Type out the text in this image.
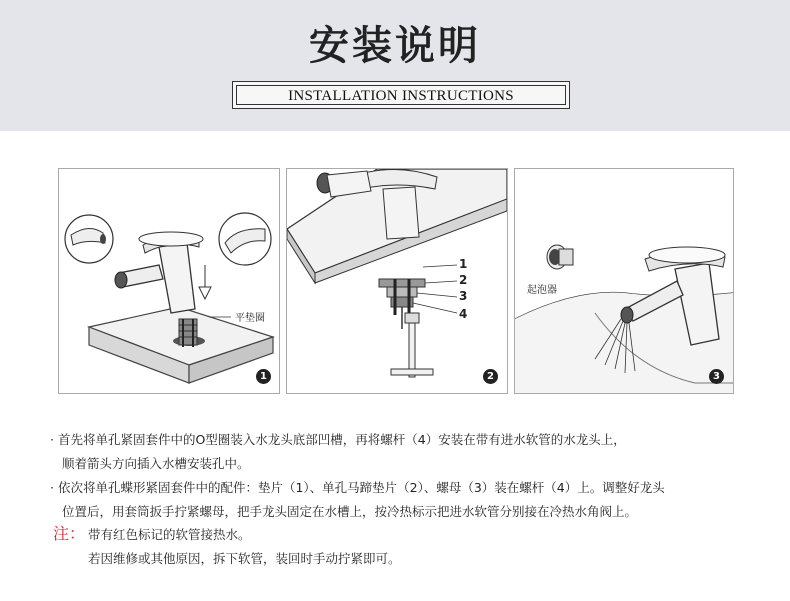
安装说明
INSTALLATION INSTRUCTIONS
平垫圈
1
1
2
3
4
2
起泡器
3
· 首先将单孔紧固套件中的O型圈装入水龙头底部凹槽，再将螺杆（4）安装在带有进水软管的水龙头上，
顺着箭头方向插入水槽安装孔中。
· 依次将单孔蝶形紧固套件中的配件：垫片（1）、单孔马蹄垫片（2）、螺母（3）装在螺杆（4）上。调整好龙头
位置后，用套筒扳手拧紧螺母，把手龙头固定在水槽上，按冷热标示把进水软管分别接在冷热水角阀上。
注： 带有红色标记的软管接热水。
若因维修或其他原因，拆下软管，装回时手动拧紧即可。
